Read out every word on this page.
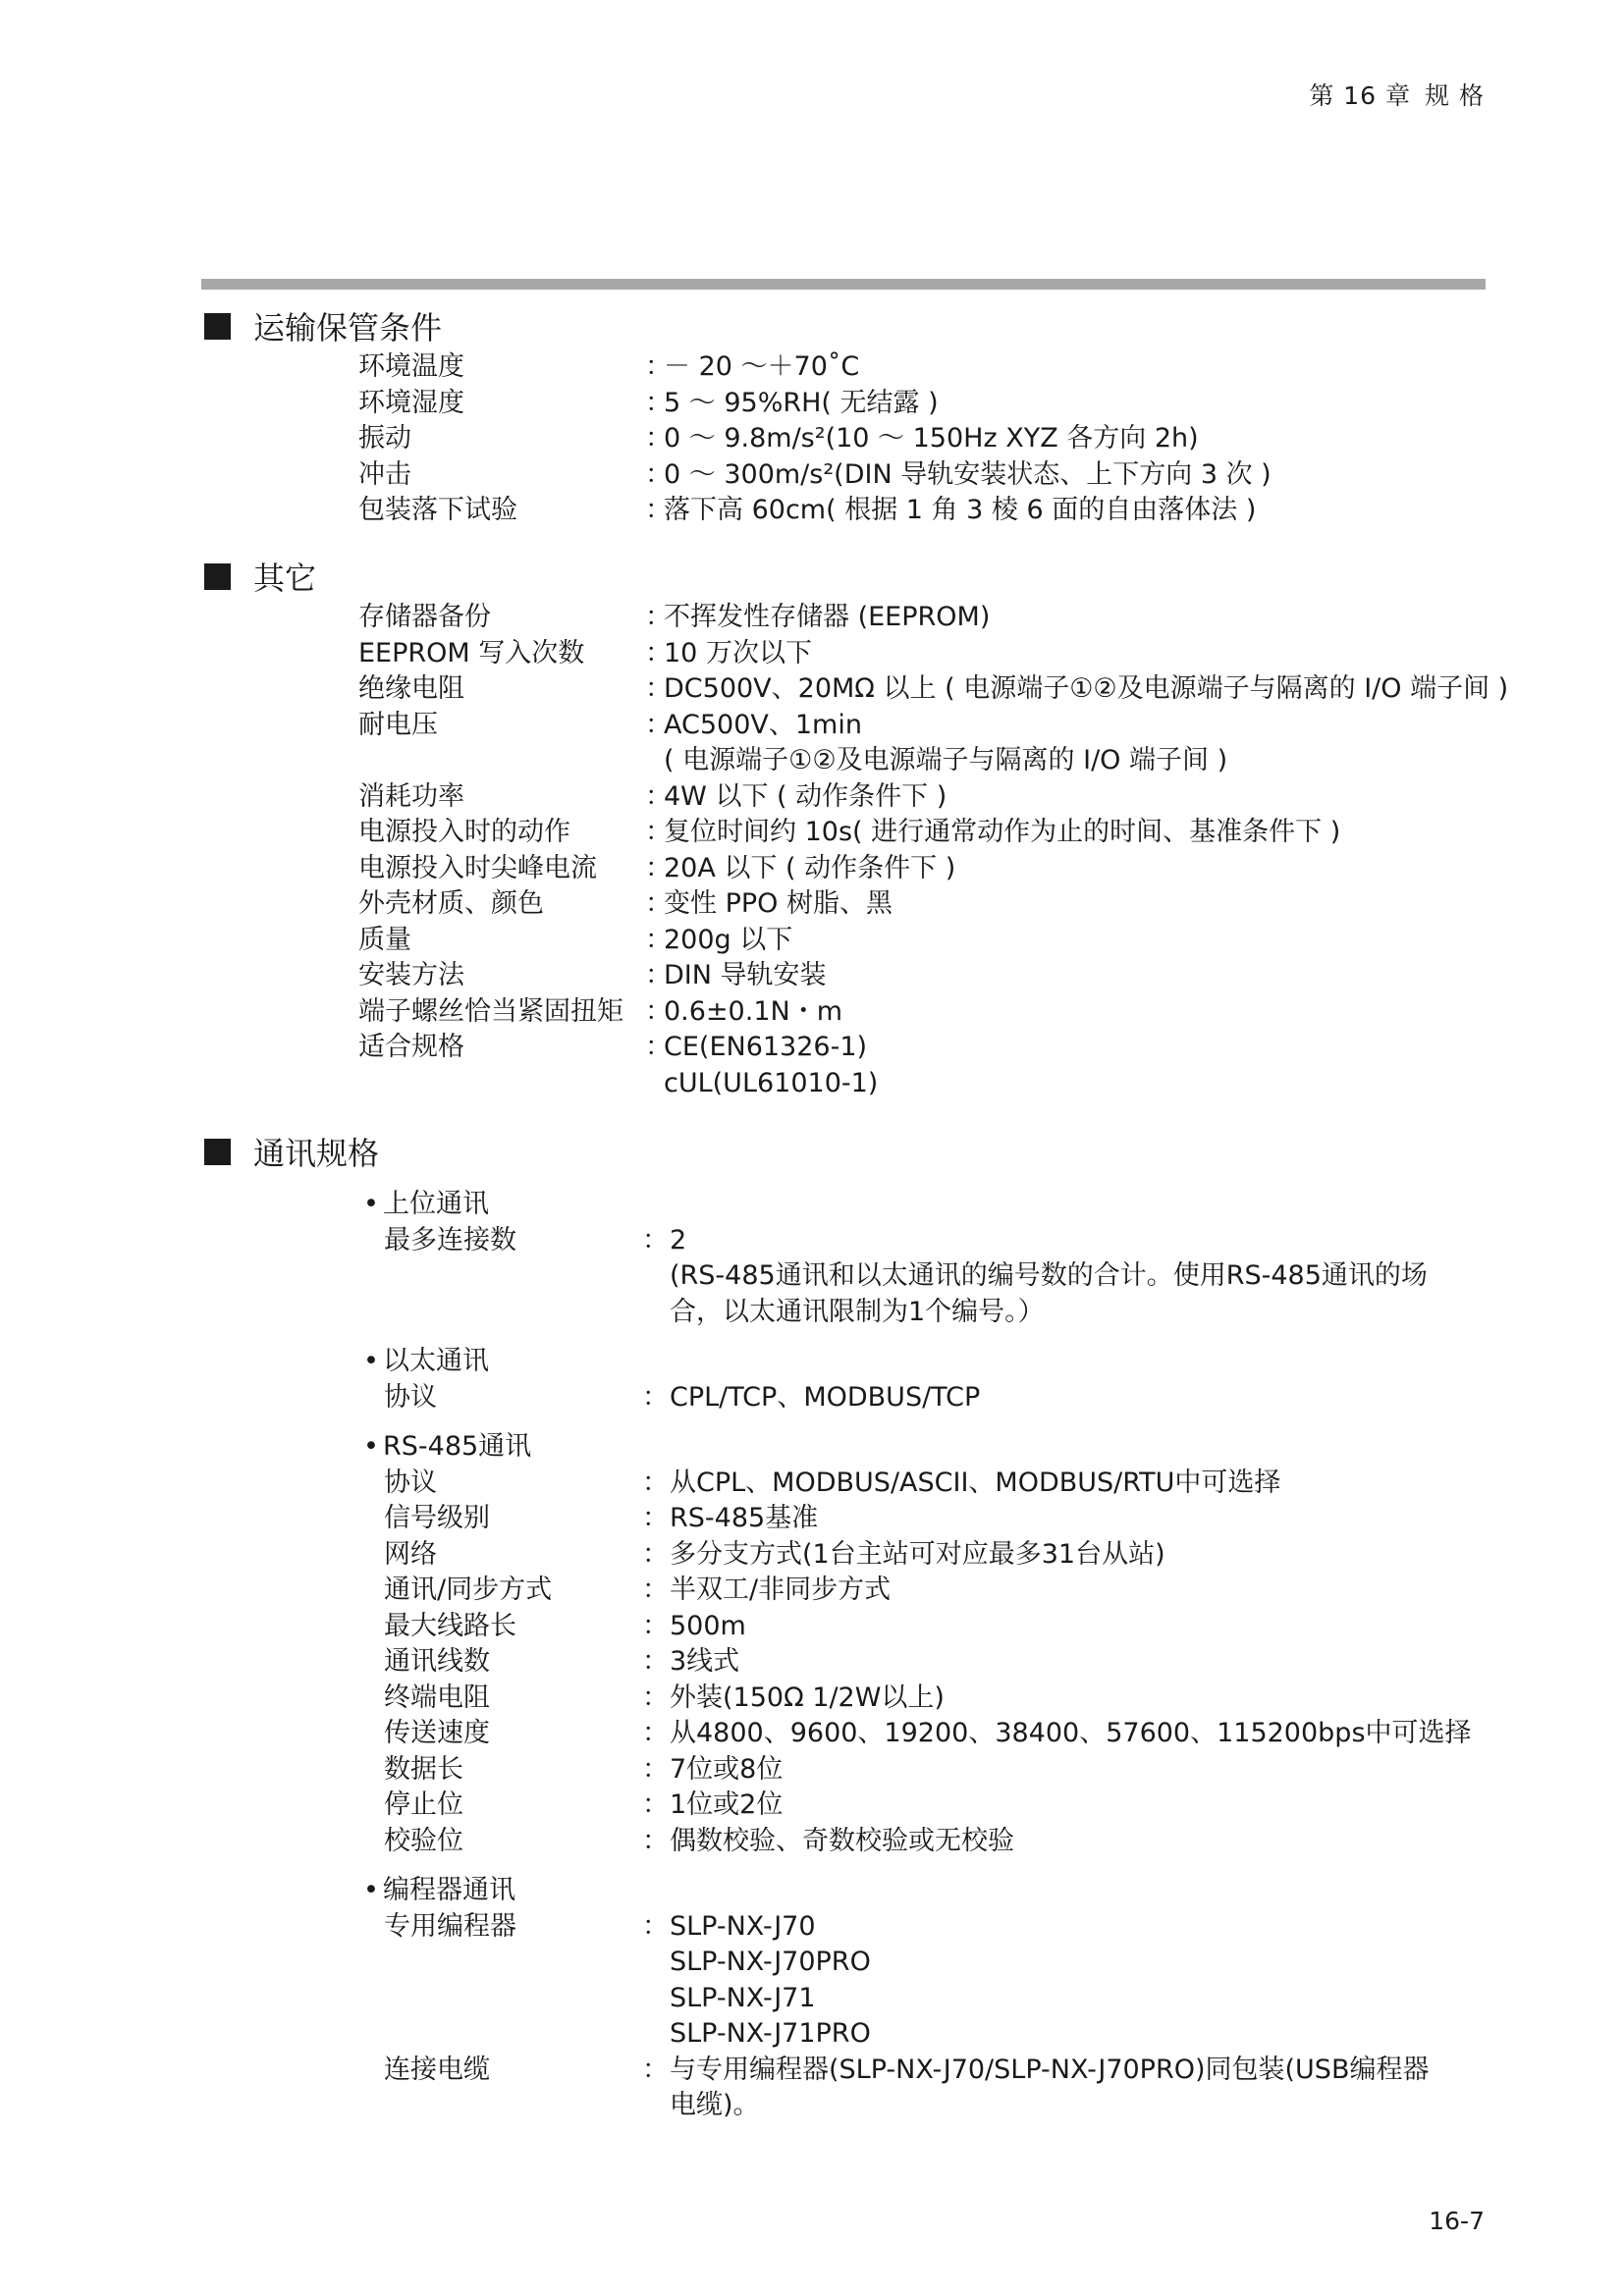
第 16 章 规 格
运输保管条件
环境温度	：
－ 20 ～＋70˚C
环境湿度	：
5 ～ 95%RH( 无结露 )
振动	：
0 ～ 9.8m/s²(10 ～ 150Hz XYZ 各方向 2h)
冲击	：
0 ～ 300m/s²(DIN 导轨安装状态、上下方向 3 次 )
包装落下试验	：
落下高 60cm( 根据 1 角 3 棱 6 面的自由落体法 )
其它
存储器备份	：
不挥发性存储器 (EEPROM)
EEPROM 写入次数 ：
10 万次以下
绝缘电阻	：
DC500V、20MΩ 以上 ( 电源端子①②及电源端子与隔离的 I/O 端子间 )
耐电压	：
AC500V、1min
( 电源端子①②及电源端子与隔离的 I/O 端子间 )
消耗功率	：
4W 以下 ( 动作条件下 )
电源投入时的动作	：
复位时间约 10s( 进行通常动作为止的时间、基准条件下 )
电源投入时尖峰电流 ：
20A 以下 ( 动作条件下 )
外壳材质、颜色	：
变性 PPO 树脂、黑
质量	：
200g 以下
安装方法	：
DIN 导轨安装
端子螺丝恰当紧固扭矩 ：
0.6±0.1N・m
适合规格	：
CE(EN61326-1)
cUL(UL61010-1)
通讯规格
• 上位通讯
最多连接数	： 2
(RS-485通讯和以太通讯的编号数的合计。使用RS-485通讯的场
合，以太通讯限制为1个编号。）
• 以太通讯
协议	： CPL/TCP、MODBUS/TCP
• RS-485通讯
协议	： 从CPL、MODBUS/ASCII、MODBUS/RTU中可选择
信号级别	： RS-485基准
网络	： 多分支方式(1台主站可对应最多31台从站)
通讯/同步方式	： 半双工/非同步方式
最大线路长	： 500m
通讯线数	： 3线式
终端电阻	： 外装(150Ω 1/2W以上)
传送速度	： 从4800、9600、19200、38400、57600、115200bps中可选择
数据长	： 7位或8位
停止位	： 1位或2位
校验位	： 偶数校验、奇数校验或无校验
• 编程器通讯
专用编程器	： SLP-NX-J70
SLP-NX-J70PRO
SLP-NX-J71
SLP-NX-J71PRO
连接电缆	： 与专用编程器(SLP-NX-J70/SLP-NX-J70PRO)同包装(USB编程器
电缆)。
16-7
